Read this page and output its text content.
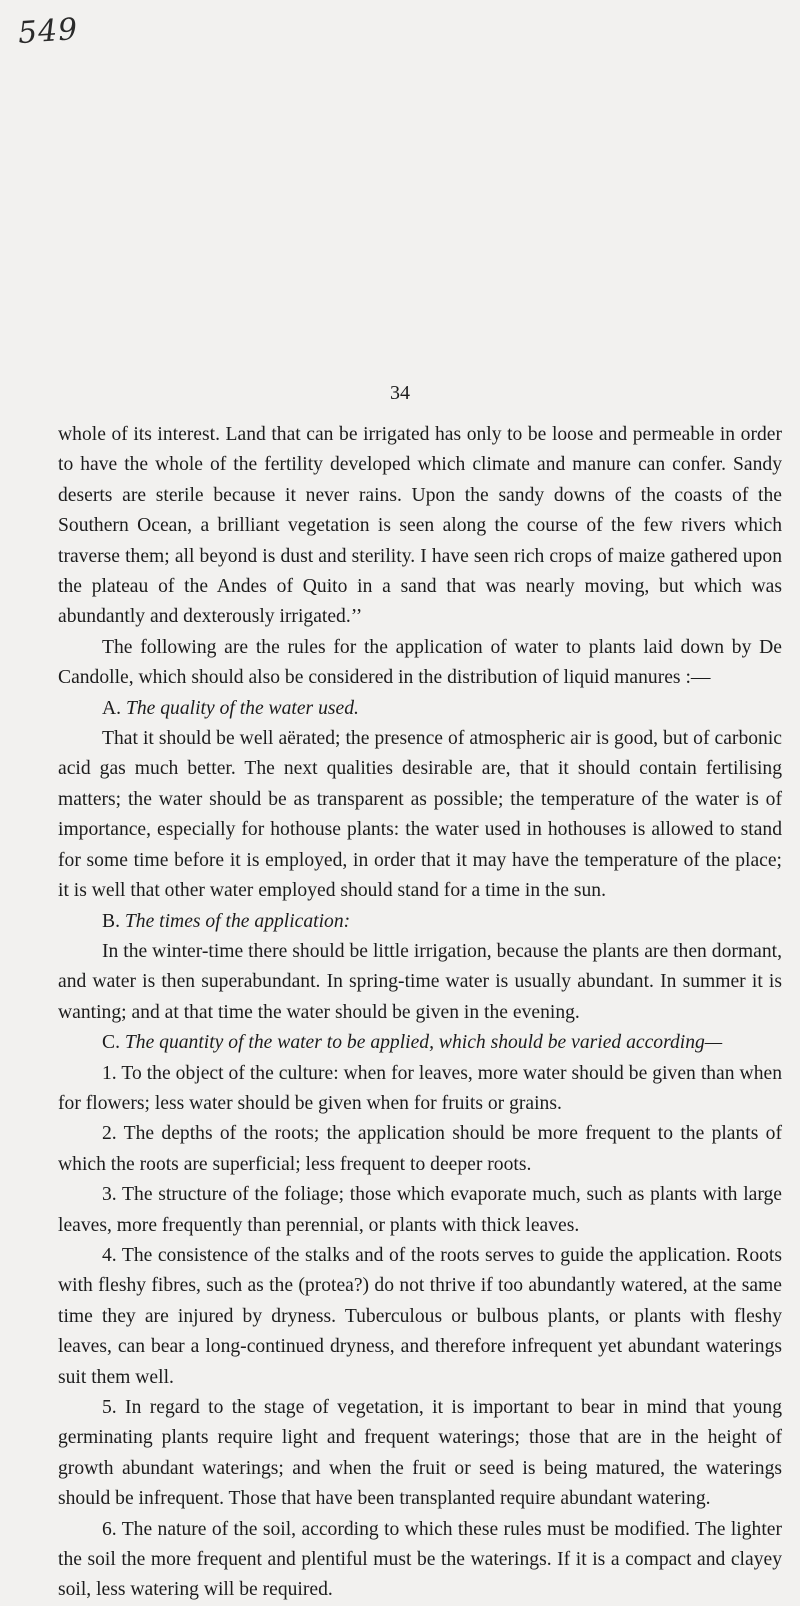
549
34

whole of its interest. Land that can be irrigated has only to be loose and permeable in order to have the whole of the fertility developed which climate and manure can confer. Sandy deserts are sterile because it never rains. Upon the sandy downs of the coasts of the Southern Ocean, a brilliant vegetation is seen along the course of the few rivers which traverse them; all beyond is dust and sterility. I have seen rich crops of maize gathered upon the plateau of the Andes of Quito in a sand that was nearly moving, but which was abundantly and dexterously irrigated.’’

The following are the rules for the application of water to plants laid down by De Candolle, which should also be considered in the distribution of liquid manures :—

A. The quality of the water used.

That it should be well aërated; the presence of atmospheric air is good, but of carbonic acid gas much better. The next qualities desirable are, that it should contain fertilising matters; the water should be as transparent as possible; the temperature of the water is of importance, especially for hothouse plants: the water used in hothouses is allowed to stand for some time before it is employed, in order that it may have the temperature of the place; it is well that other water employed should stand for a time in the sun.

B. The times of the application:

In the winter-time there should be little irrigation, because the plants are then dormant, and water is then superabundant. In spring-time water is usually abundant. In summer it is wanting; and at that time the water should be given in the evening.

C. The quantity of the water to be applied, which should be varied according—

1. To the object of the culture: when for leaves, more water should be given than when for flowers; less water should be given when for fruits or grains.

2. The depths of the roots; the application should be more frequent to the plants of which the roots are superficial; less frequent to deeper roots.

3. The structure of the foliage; those which evaporate much, such as plants with large leaves, more frequently than perennial, or plants with thick leaves.

4. The consistence of the stalks and of the roots serves to guide the application. Roots with fleshy fibres, such as the (protea?) do not thrive if too abundantly watered, at the same time they are injured by dryness. Tuberculous or bulbous plants, or plants with fleshy leaves, can bear a long-continued dryness, and therefore infrequent yet abundant waterings suit them well.

5. In regard to the stage of vegetation, it is important to bear in mind that young germinating plants require light and frequent waterings; those that are in the height of growth abundant waterings; and when the fruit or seed is being matured, the waterings should be infrequent. Those that have been transplanted require abundant watering.

6. The nature of the soil, according to which these rules must be modified. The lighter the soil the more frequent and plentiful must be the waterings. If it is a compact and clayey soil, less watering will be required.
